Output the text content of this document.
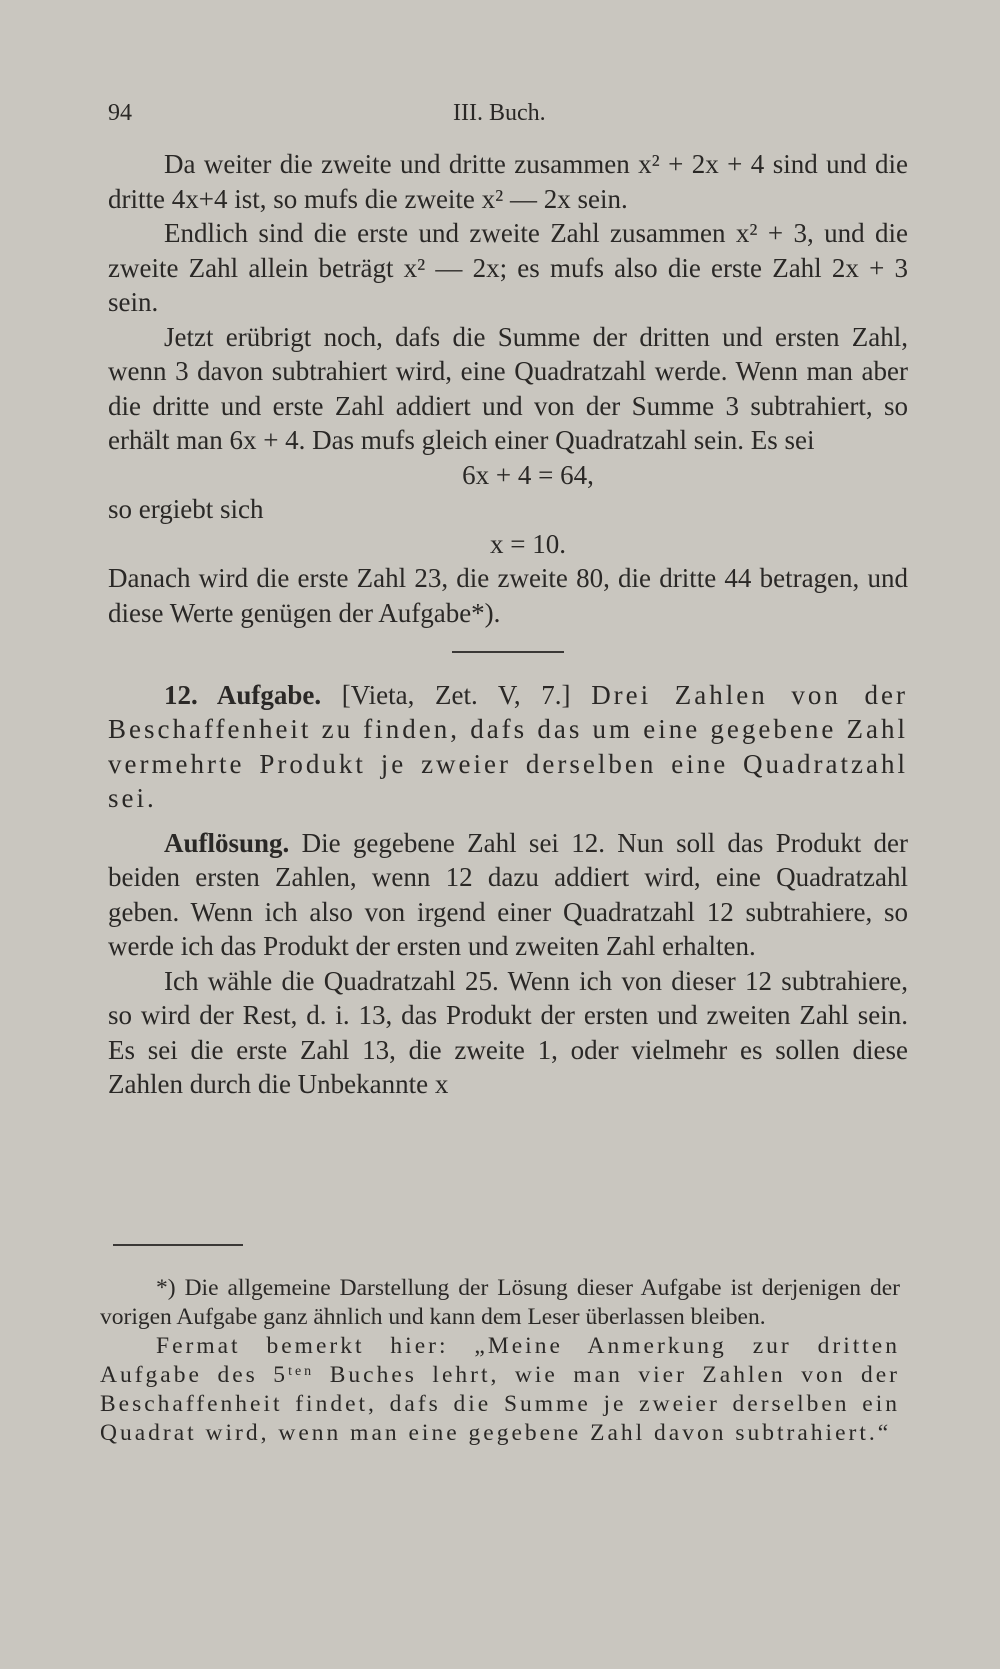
94	III. Buch.

Da weiter die zweite und dritte zusammen x² + 2x + 4 sind und die dritte 4x+4 ist, so mufs die zweite x² — 2x sein.

Endlich sind die erste und zweite Zahl zusammen x² + 3, und die zweite Zahl allein beträgt x² — 2x; es mufs also die erste Zahl 2x + 3 sein.

Jetzt erübrigt noch, dafs die Summe der dritten und ersten Zahl, wenn 3 davon subtrahiert wird, eine Quadratzahl werde. Wenn man aber die dritte und erste Zahl addiert und von der Summe 3 subtrahiert, so erhält man 6x + 4. Das mufs gleich einer Quadratzahl sein. Es sei

6x + 4 = 64,

so ergiebt sich

x = 10.

Danach wird die erste Zahl 23, die zweite 80, die dritte 44 betragen, und diese Werte genügen der Aufgabe*).

12. Aufgabe. [Vieta, Zet. V, 7.] Drei Zahlen von der Beschaffenheit zu finden, dafs das um eine gegebene Zahl vermehrte Produkt je zweier derselben eine Quadratzahl sei.

Auflösung. Die gegebene Zahl sei 12. Nun soll das Produkt der beiden ersten Zahlen, wenn 12 dazu addiert wird, eine Quadratzahl geben. Wenn ich also von irgend einer Quadratzahl 12 subtrahiere, so werde ich das Produkt der ersten und zweiten Zahl erhalten.

Ich wähle die Quadratzahl 25. Wenn ich von dieser 12 subtrahiere, so wird der Rest, d. i. 13, das Produkt der ersten und zweiten Zahl sein. Es sei die erste Zahl 13, die zweite 1, oder vielmehr es sollen diese Zahlen durch die Unbekannte x

*) Die allgemeine Darstellung der Lösung dieser Aufgabe ist derjenigen der vorigen Aufgabe ganz ähnlich und kann dem Leser überlassen bleiben.

Fermat bemerkt hier: „Meine Anmerkung zur dritten Aufgabe des $5^{ten}$ Buches lehrt, wie man vier Zahlen von der Beschaffenheit findet, dafs die Summe je zweier derselben ein Quadrat wird, wenn man eine gegebene Zahl davon subtrahiert.“
